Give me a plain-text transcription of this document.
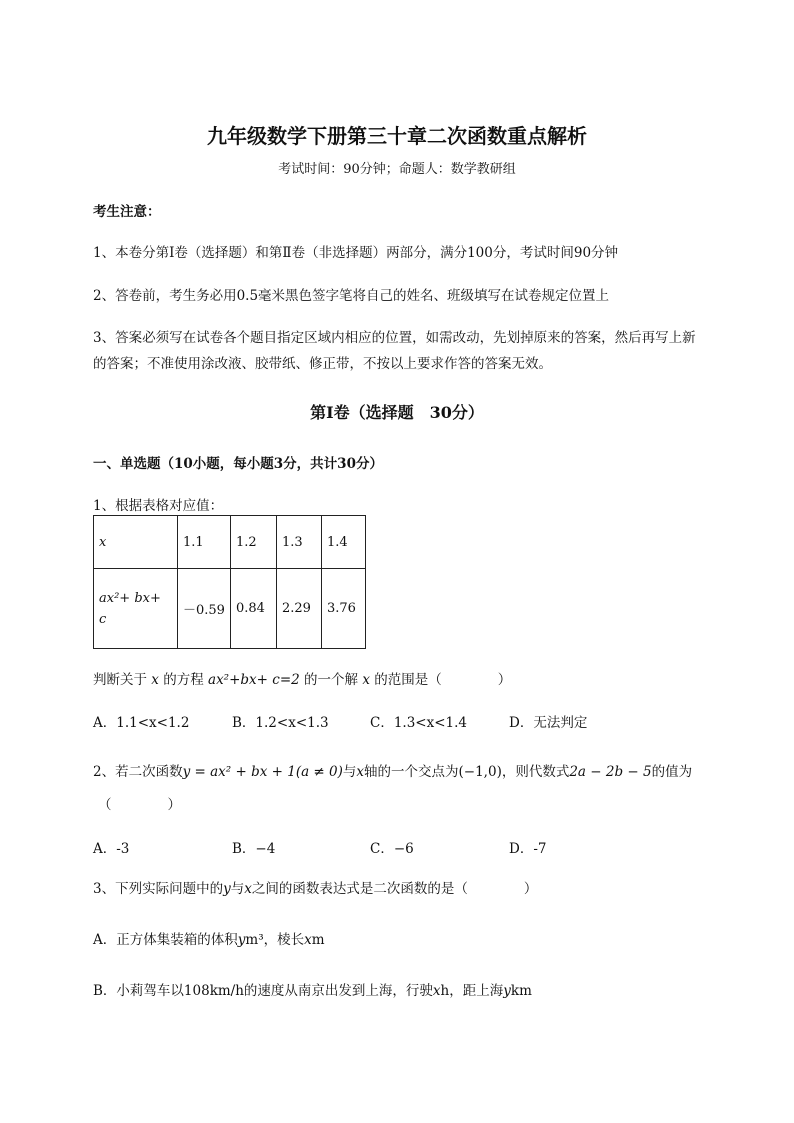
九年级数学下册第三十章二次函数重点解析
考试时间：90分钟；命题人：数学教研组
考生注意：
1、本卷分第Ⅰ卷（选择题）和第Ⅱ卷（非选择题）两部分，满分100分，考试时间90分钟
2、答卷前，考生务必用0.5毫米黑色签字笔将自己的姓名、班级填写在试卷规定位置上
3、答案必须写在试卷各个题目指定区域内相应的位置，如需改动，先划掉原来的答案，然后再写上新
的答案；不准使用涂改液、胶带纸、修正带，不按以上要求作答的答案无效。
第Ⅰ卷（选择题　30分）
一、单选题（10小题，每小题3分，共计30分）
1、根据表格对应值：
x	1.1	1.2	1.3	1.4

ax²+ bx+
c	－0.59	0.84	2.29	3.76
判断关于 x 的方程 ax²+bx+ c=2 的一个解 x 的范围是（	）
A．1.1<x<1.2	B．1.2<x<1.3	C．1.3<x<1.4	D．无法判定
2、若二次函数y = ax² + bx + 1(a ≠ 0)与x轴的一个交点为(−1,0)，则代数式2a − 2b − 5的值为
（	）
A．-3	B．−4	C．−6	D．-7
3、下列实际问题中的y与x之间的函数表达式是二次函数的是（	）
A．正方体集装箱的体积ym³，棱长xm
B．小莉驾车以108km/h的速度从南京出发到上海，行驶xh，距上海ykm
